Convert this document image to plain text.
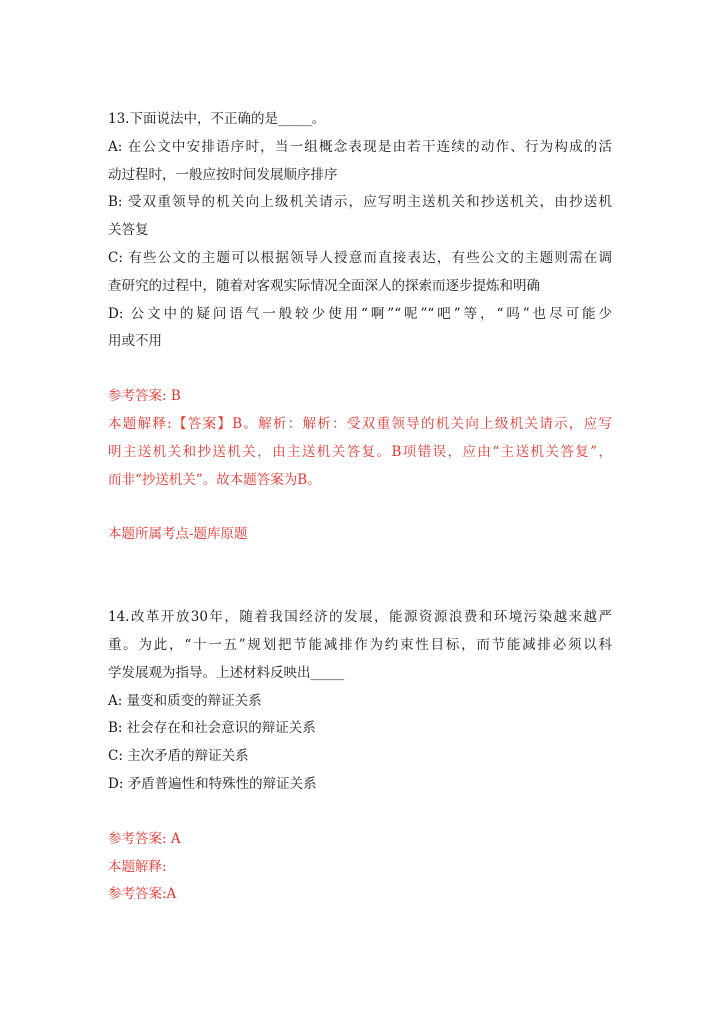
13.下面说法中，不正确的是_____。
A: 在公文中安排语序时，当一组概念表现是由若干连续的动作、行为构成的活
动过程时，一般应按时间发展顺序排序
B: 受双重领导的机关向上级机关请示，应写明主送机关和抄送机关，由抄送机
关答复
C: 有些公文的主题可以根据领导人授意而直接表达，有些公文的主题则需在调
查研究的过程中，随着对客观实际情况全面深人的探索而逐步提炼和明确
D: 公文中的疑问语气一般较少使用“啊”“呢”“吧”等，“吗”也尽可能少
用或不用
参考答案: B
本题解释:【答案】B。解析：解析：受双重领导的机关向上级机关请示，应写
明主送机关和抄送机关，由主送机关答复。B项错误，应由“主送机关答复”，
而非“抄送机关”。故本题答案为B。
本题所属考点-题库原题
14.改革开放30年，随着我国经济的发展，能源资源浪费和环境污染越来越严
重。为此，“十一五”规划把节能减排作为约束性目标，而节能减排必须以科
学发展观为指导。上述材料反映出_____
A: 量变和质变的辩证关系
B: 社会存在和社会意识的辩证关系
C: 主次矛盾的辩证关系
D: 矛盾普遍性和特殊性的辩证关系
参考答案: A
本题解释:
参考答案:A
